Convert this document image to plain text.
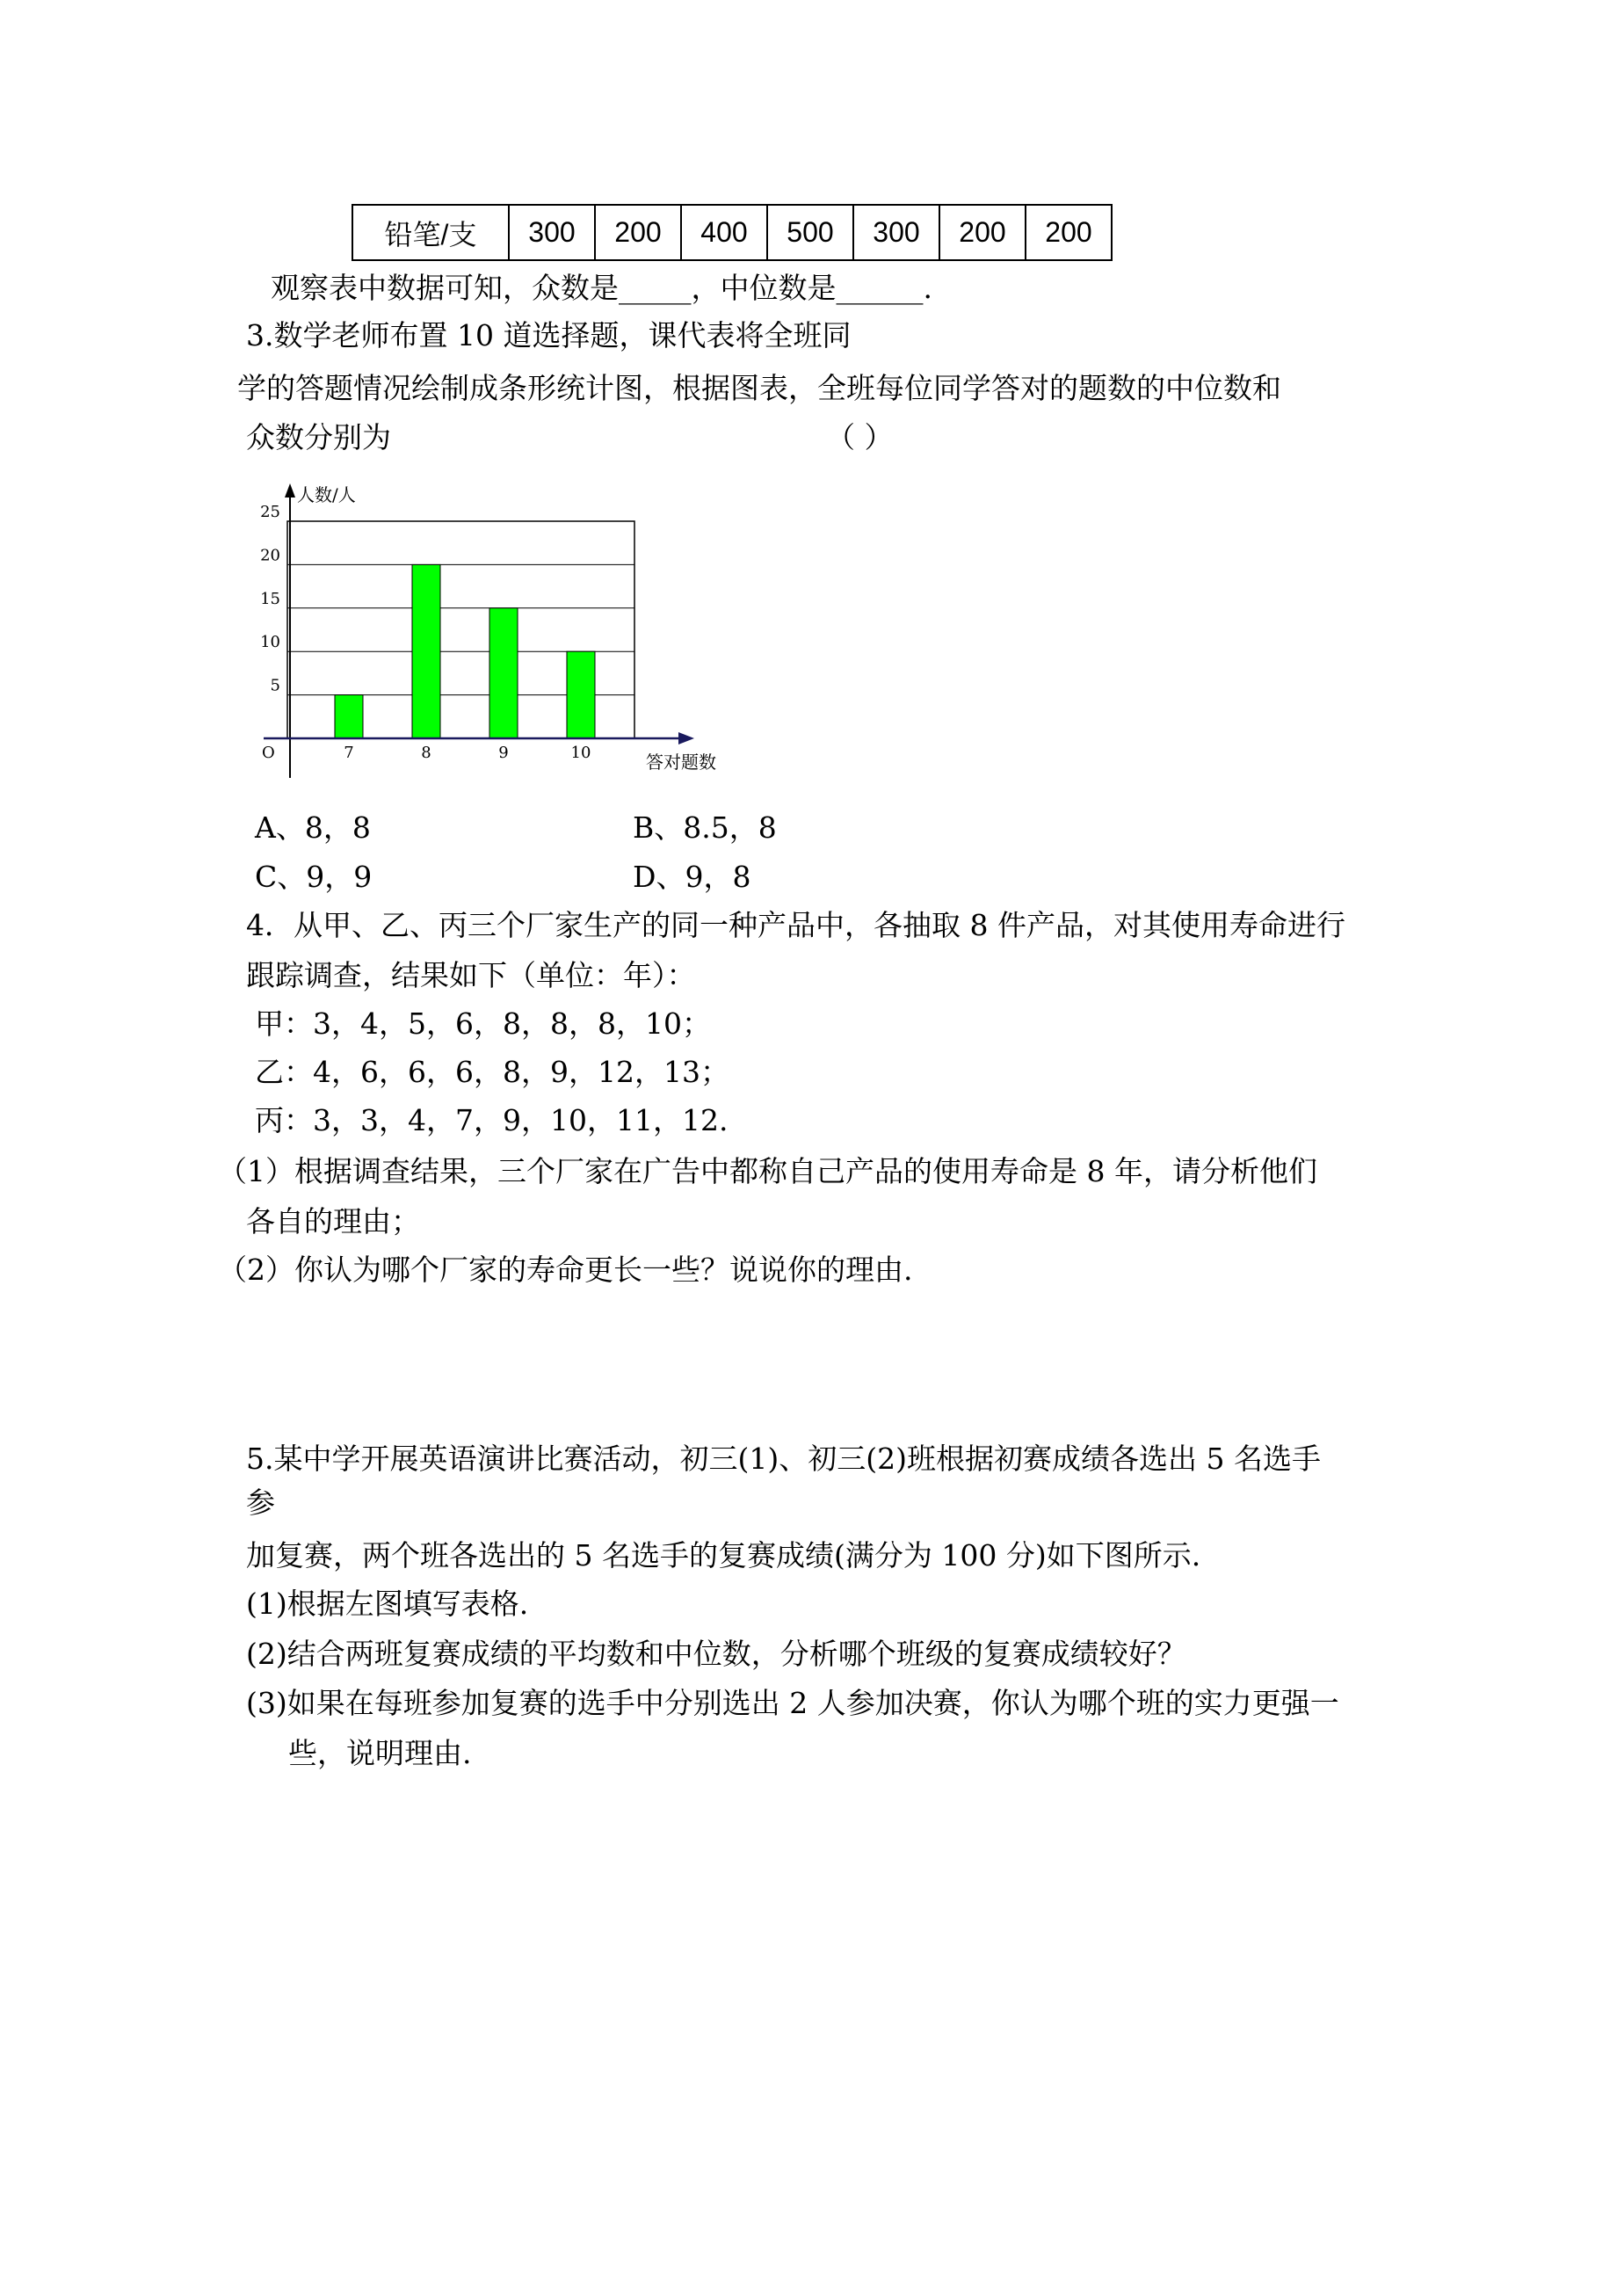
铅笔/支	300	200	400	500	300	200	200
观察表中数据可知，众数是_____，中位数是______.
3.数学老师布置 10 道选择题，课代表将全班同
学的答题情况绘制成条形统计图，根据图表，全班每位同学答对的题数的中位数和
众数分别为	（ ）
5
10
15
20
25
7	8	9	10
人数/人
答对题数
O
A、8，8	B、8.5，8
C、9，9	D、9，8
4．从甲、乙、丙三个厂家生产的同一种产品中，各抽取 8 件产品，对其使用寿命进行
跟踪调查，结果如下（单位：年）：
甲：3，4，5，6，8，8，8，10；
乙：4，6，6，6，8，9，12，13；
丙：3，3，4，7，9，10，11，12.
（1）根据调查结果，三个厂家在广告中都称自己产品的使用寿命是 8 年，请分析他们
各自的理由；
（2）你认为哪个厂家的寿命更长一些？说说你的理由.
5.某中学开展英语演讲比赛活动，初三(1)、初三(2)班根据初赛成绩各选出 5 名选手
参
加复赛，两个班各选出的 5 名选手的复赛成绩(满分为 100 分)如下图所示.
(1)根据左图填写表格.
(2)结合两班复赛成绩的平均数和中位数，分析哪个班级的复赛成绩较好？
(3)如果在每班参加复赛的选手中分别选出 2 人参加决赛，你认为哪个班的实力更强一
些，说明理由.
